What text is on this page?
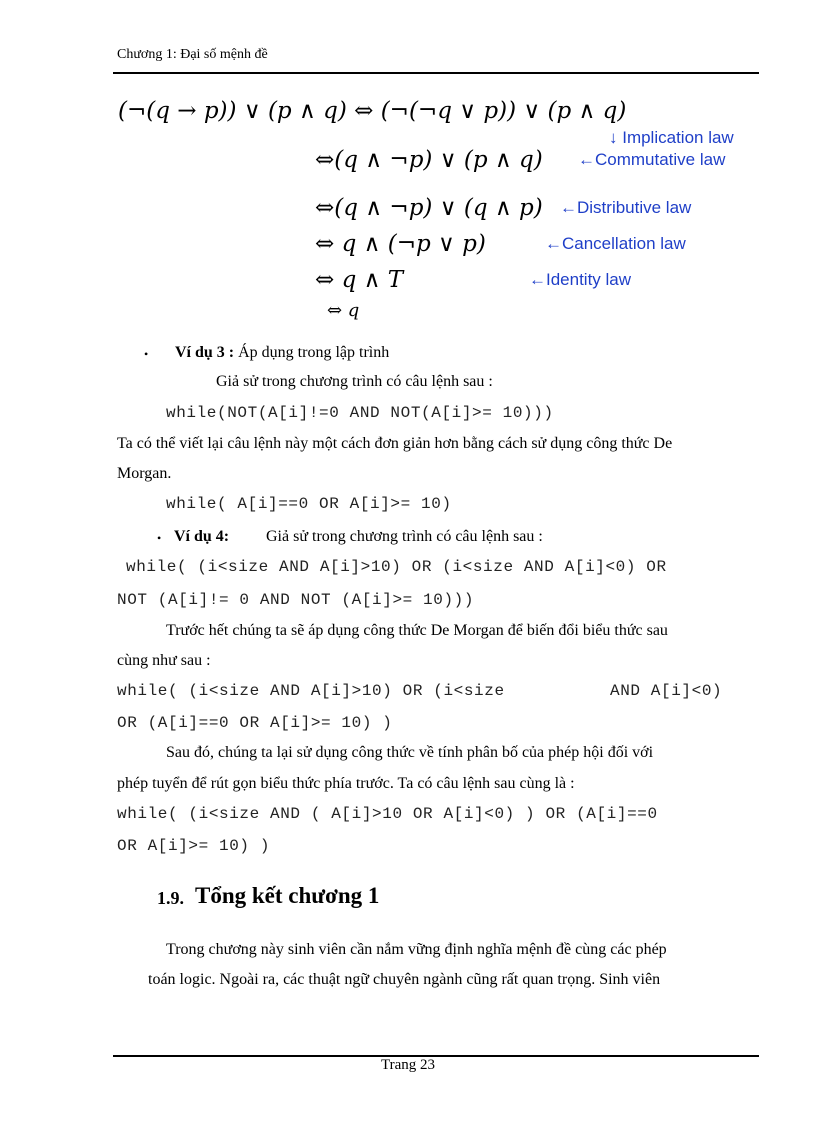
Chương 1: Đại số mệnh đề
(¬(q → p)) ∨ (p ∧ q) ⇔ (¬(¬q ∨ p)) ∨ (p ∧ q)
↓ Implication law
⇔(q ∧ ¬p) ∨ (p ∧ q) ←Commutative law
⇔(q ∧ ¬p) ∨ (q ∧ p) ←Distributive law
⇔ q ∧ (¬p ∨ p)	←Cancellation law
⇔ q ∧ T	←Identity law
⇔ q
• Ví dụ 3 : Áp dụng trong lập trình
Giả sử trong chương trình có câu lệnh sau :
while(NOT(A[i]!=0 AND NOT(A[i]>= 10)))
Ta có thể viết lại câu lệnh này một cách đơn giản hơn bằng cách sử dụng công thức De
Morgan.
while( A[i]==0 OR A[i]>= 10)
• Ví dụ 4: Giả sử trong chương trình có câu lệnh sau :
while( (i<size AND A[i]>10) OR (i<size AND A[i]<0) OR
NOT (A[i]!= 0 AND NOT (A[i]>= 10)))
Trước hết chúng ta sẽ áp dụng công thức De Morgan để biến đổi biểu thức sau
cùng như sau :
while( (i<size AND A[i]>10) OR (i<size	AND A[i]<0)
OR (A[i]==0 OR A[i]>= 10) )
Sau đó, chúng ta lại sử dụng công thức về tính phân bố của phép hội đối với
phép tuyển để rút gọn biểu thức phía trước. Ta có câu lệnh sau cùng là :
while( (i<size AND ( A[i]>10 OR A[i]<0) ) OR (A[i]==0
OR A[i]>= 10) )
1.9. Tổng kết chương 1
Trong chương này sinh viên cần nắm vững định nghĩa mệnh đề cùng các phép
toán logic. Ngoài ra, các thuật ngữ chuyên ngành cũng rất quan trọng. Sinh viên
Trang 23
